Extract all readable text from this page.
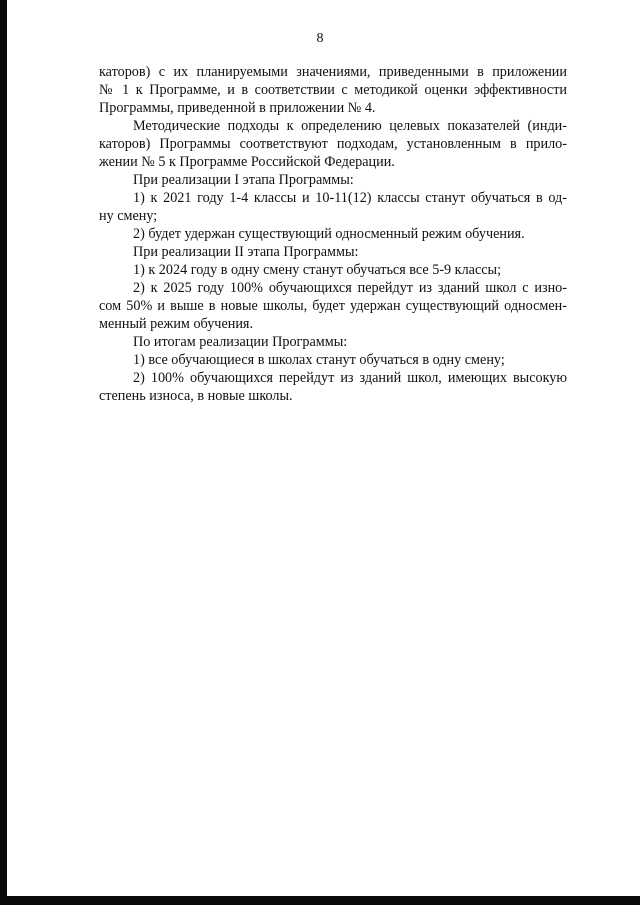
8
каторов) с их планируемыми значениями, приведенными в приложении
№ 1 к Программе, и в соответствии с методикой оценки эффективности
Программы, приведенной в приложении № 4.
Методические подходы к определению целевых показателей (инди-
каторов) Программы соответствуют подходам, установленным в прило-
жении № 5 к Программе Российской Федерации.
При реализации I этапа Программы:
1) к 2021 году 1-4 классы и 10-11(12) классы станут обучаться в од-
ну смену;
2) будет удержан существующий односменный режим обучения.
При реализации II этапа Программы:
1) к 2024 году в одну смену станут обучаться все 5-9 классы;
2) к 2025 году 100% обучающихся перейдут из зданий школ с изно-
сом 50% и выше в новые школы, будет удержан существующий односмен-
менный режим обучения.
По итогам реализации Программы:
1) все обучающиеся в школах станут обучаться в одну смену;
2) 100% обучающихся перейдут из зданий школ, имеющих высокую
степень износа, в новые школы.
